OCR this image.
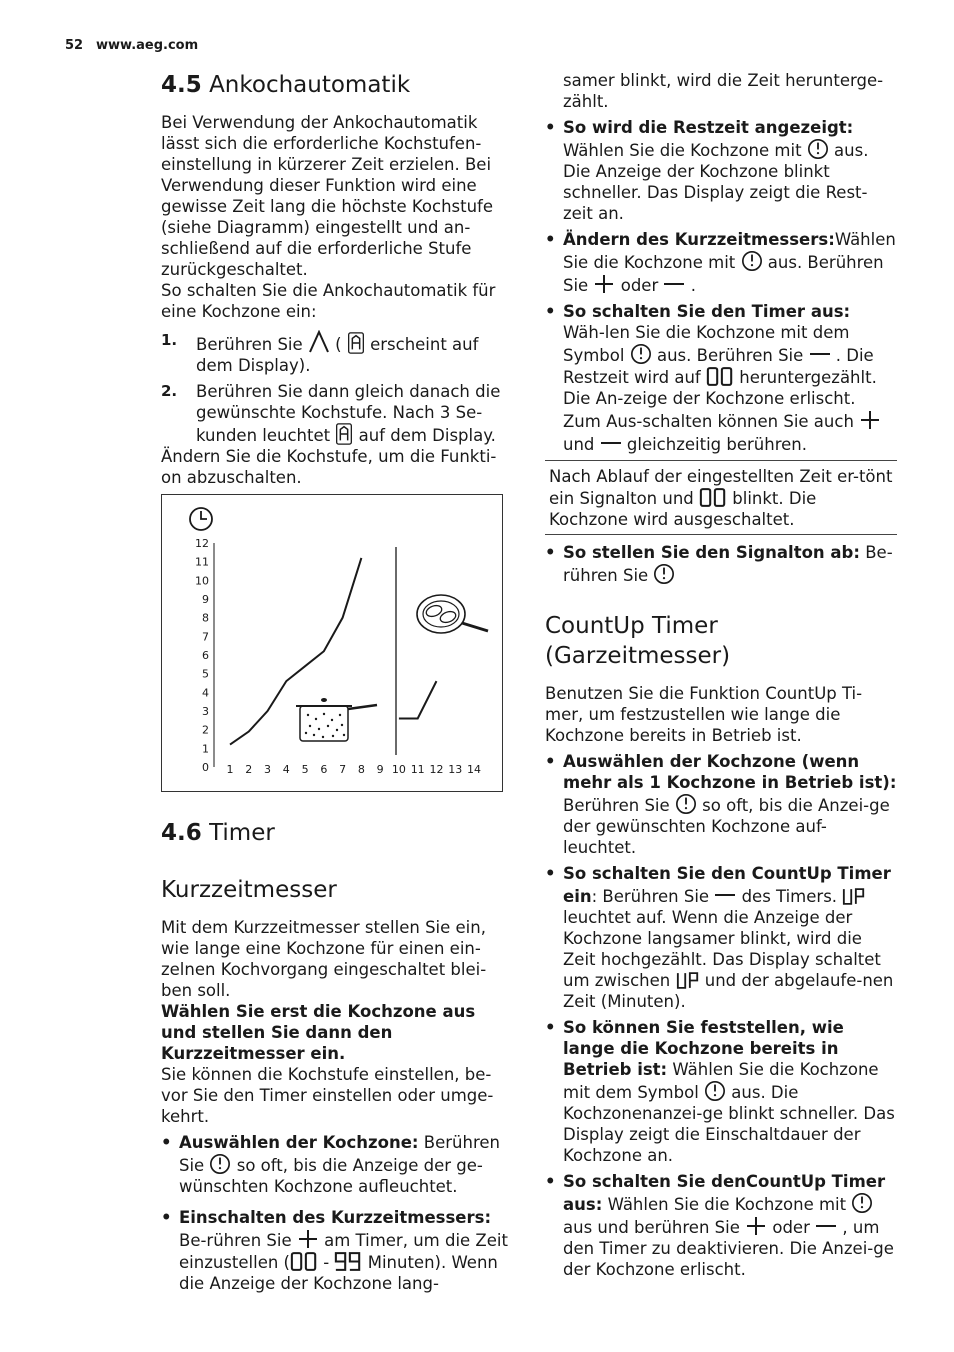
52 www.aeg.com
4.5 Ankochautomatik

Bei Verwendung der Ankochautomatik lässt sich die erforderliche Kochstufen-einstellung in kürzerer Zeit erzielen. Bei Verwendung dieser Funktion wird eine gewisse Zeit lang die höchste Kochstufe (siehe Diagramm) eingestellt und an-schließend auf die erforderliche Stufe zurückgeschaltet.

So schalten Sie die Ankochautomatik für eine Kochzone ein:

1. Berühren Sie ( erscheint auf dem Display).
2. Berühren Sie dann gleich danach die gewünschte Kochstufe. Nach 3 Se-kunden leuchtet auf dem Display.

Ändern Sie die Kochstufe, um die Funkti-on abzuschalten.

0
1
2
3
4
5
6
7
8
9
10
11
12
1 2 3 4 5 6 7 8 9 10 11 12 13 14
4.6 Timer
Kurzzeitmesser

Mit dem Kurzzeitmesser stellen Sie ein, wie lange eine Kochzone für einen ein-zelnen Kochvorgang eingeschaltet blei-ben soll.

Wählen Sie erst die Kochzone aus und stellen Sie dann den Kurzzeitmesser ein.

Sie können die Kochstufe einstellen, be-vor Sie den Timer einstellen oder umge-kehrt.

• Auswählen der Kochzone: Berühren Sie so oft, bis die Anzeige der ge-wünschten Kochzone aufleuchtet.
• Einschalten des Kurzzeitmessers: Be-rühren Sie am Timer, um die Zeit einzustellen ( - Minuten). Wenn die Anzeige der Kochzone lang-

samer blinkt, wird die Zeit herunterge-zählt.

• So wird die Restzeit angezeigt: Wählen Sie die Kochzone mit aus. Die Anzeige der Kochzone blinkt schneller. Das Display zeigt die Rest-zeit an.
• Ändern des Kurzzeitmessers:Wählen Sie die Kochzone mit aus. Berühren Sie oder .
• So schalten Sie den Timer aus: Wäh-len Sie die Kochzone mit dem Symbol aus. Berühren Sie . Die Restzeit wird auf heruntergezählt. Die An-zeige der Kochzone erlischt. Zum Aus-schalten können Sie auch  und gleichzeitig berühren.

Nach Ablauf der eingestellten Zeit er-tönt ein Signalton und blinkt. Die Kochzone wird ausgeschaltet.

• So stellen Sie den Signalton ab: Be-rühren Sie
CountUp Timer (Garzeitmesser)

Benutzen Sie die Funktion CountUp Ti-mer, um festzustellen wie lange die Kochzone bereits in Betrieb ist.

• Auswählen der Kochzone (wenn mehr als 1 Kochzone in Betrieb ist): Berühren Sie so oft, bis die Anzei-ge der gewünschten Kochzone auf-leuchtet.
• So schalten Sie den CountUp Timer ein: Berühren Sie des Timers.  leuchtet auf. Wenn die Anzeige der Kochzone langsamer blinkt, wird die Zeit hochgezählt. Das Display schaltet um zwischen und der abgelaufe-nen Zeit (Minuten).
• So können Sie feststellen, wie lange die Kochzone bereits in Betrieb ist: Wählen Sie die Kochzone mit dem Symbol aus. Die Kochzonenanzei-ge blinkt schneller. Das Display zeigt die Einschaltdauer der Kochzone an.
• So schalten Sie denCountUp Timer aus: Wählen Sie die Kochzone mit  aus und berühren Sie oder , um den Timer zu deaktivieren. Die Anzei-ge der Kochzone erlischt.
